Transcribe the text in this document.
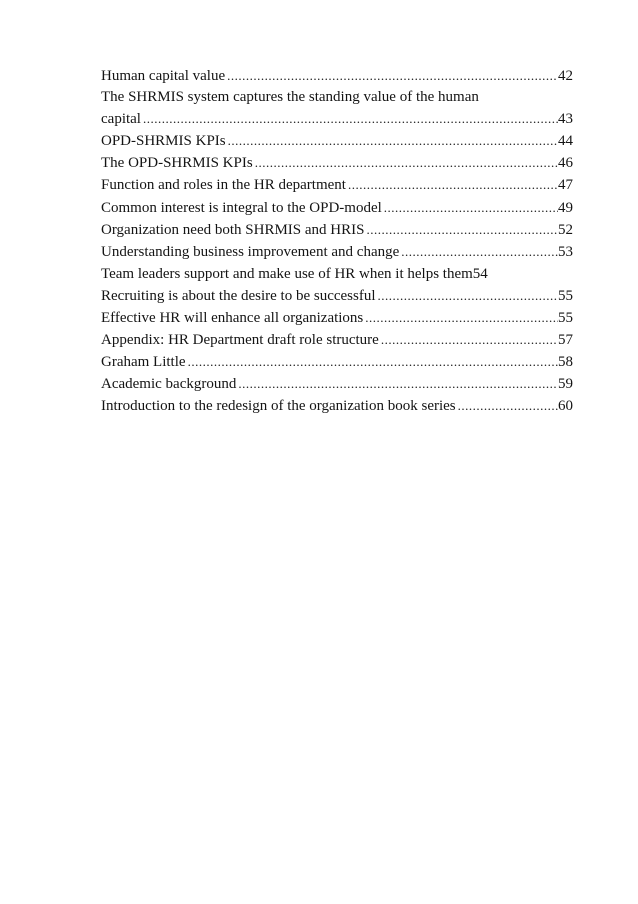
Human capital value .....	42
The SHRMIS system captures the standing value of the human
capital .....	43
OPD-SHRMIS KPIs .....	44
The OPD-SHRMIS KPIs .....	46
Function and roles in the HR department .....	47
Common interest is integral to the OPD-model .....	49
Organization need both SHRMIS and HRIS .....	52
Understanding business improvement and change .....	53
Team leaders support and make use of HR when it helps them 54
Recruiting is about the desire to be successful .....	55
Effective HR will enhance all organizations .....	55
Appendix: HR Department draft role structure .....	57
Graham Little .....	58
Academic background .....	59
Introduction to the redesign of the organization book series .....	60
